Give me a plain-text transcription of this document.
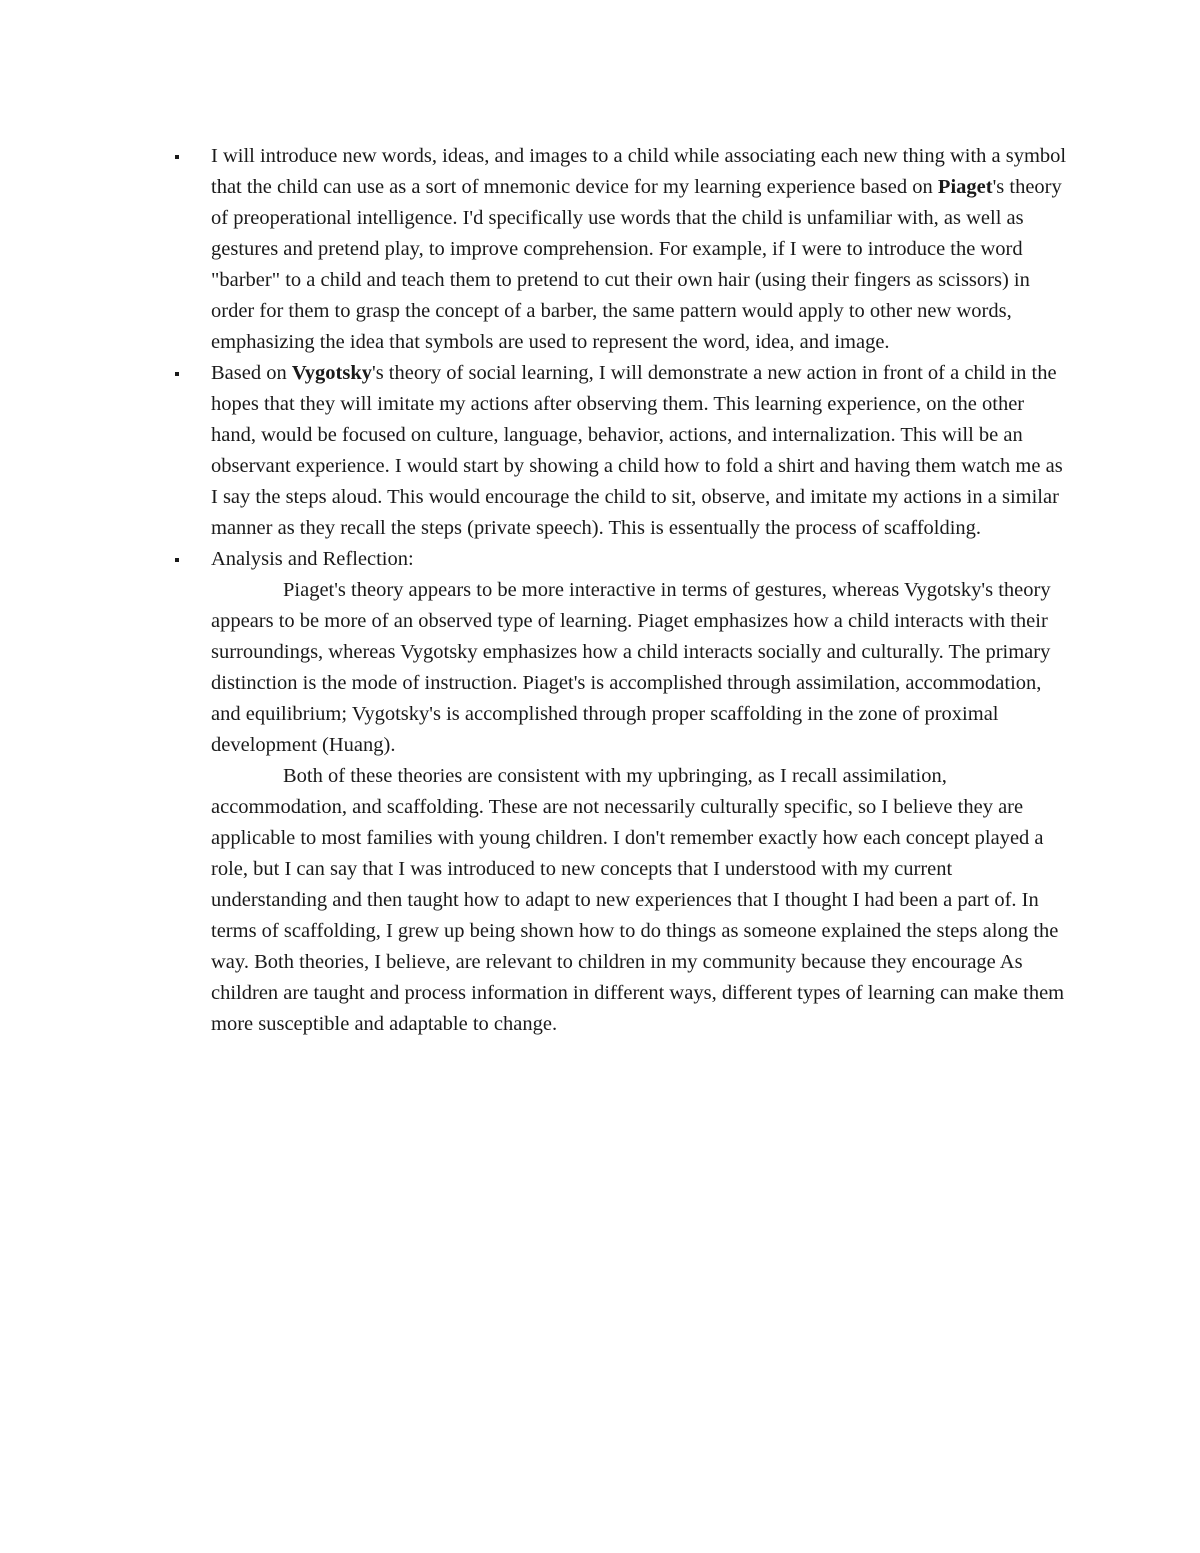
I will introduce new words, ideas, and images to a child while associating each new thing with a symbol that the child can use as a sort of mnemonic device for my learning experience based on Piaget's theory of preoperational intelligence. I'd specifically use words that the child is unfamiliar with, as well as gestures and pretend play, to improve comprehension. For example, if I were to introduce the word "barber" to a child and teach them to pretend to cut their own hair (using their fingers as scissors) in order for them to grasp the concept of a barber, the same pattern would apply to other new words, emphasizing the idea that symbols are used to represent the word, idea, and image.

Based on Vygotsky's theory of social learning, I will demonstrate a new action in front of a child in the hopes that they will imitate my actions after observing them. This learning experience, on the other hand, would be focused on culture, language, behavior, actions, and internalization. This will be an observant experience. I would start by showing a child how to fold a shirt and having them watch me as I say the steps aloud. This would encourage the child to sit, observe, and imitate my actions in a similar manner as they recall the steps (private speech). This is essentually the process of scaffolding.

Analysis and Reflection:

Piaget's theory appears to be more interactive in terms of gestures, whereas Vygotsky's theory appears to be more of an observed type of learning. Piaget emphasizes how a child interacts with their surroundings, whereas Vygotsky emphasizes how a child interacts socially and culturally. The primary distinction is the mode of instruction. Piaget's is accomplished through assimilation, accommodation, and equilibrium; Vygotsky's is accomplished through proper scaffolding in the zone of proximal development (Huang).

Both of these theories are consistent with my upbringing, as I recall assimilation, accommodation, and scaffolding. These are not necessarily culturally specific, so I believe they are applicable to most families with young children. I don't remember exactly how each concept played a role, but I can say that I was introduced to new concepts that I understood with my current understanding and then taught how to adapt to new experiences that I thought I had been a part of. In terms of scaffolding, I grew up being shown how to do things as someone explained the steps along the way. Both theories, I believe, are relevant to children in my community because they encourage As children are taught and process information in different ways, different types of learning can make them more susceptible and adaptable to change.
